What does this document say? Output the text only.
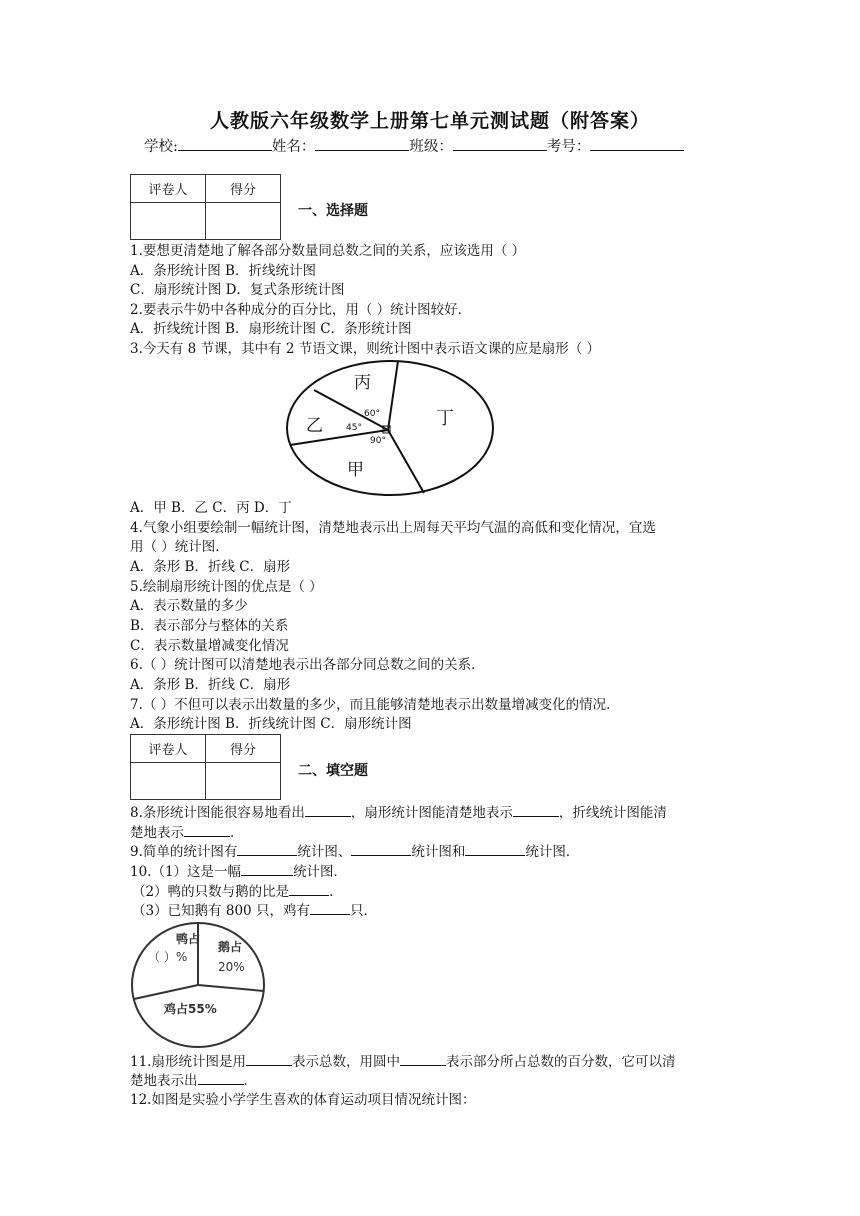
人教版六年级数学上册第七单元测试题（附答案）
学校:	姓名：	班级：	考号：
评卷人	得分

一、选择题
1.要想更清楚地了解各部分数量同总数之间的关系，应该选用（ ）
A．条形统计图 B．折线统计图
C．扇形统计图 D．复式条形统计图
2.要表示牛奶中各种成分的百分比，用（ ）统计图较好．
A．折线统计图 B．扇形统计图 C．条形统计图
3.今天有 8 节课，其中有 2 节语文课，则统计图中表示语文课的应是扇形（ ）
丙
乙	丁
甲
60°
45°
90°
A．甲 B．乙 C．丙 D．丁
4.气象小组要绘制一幅统计图，清楚地表示出上周每天平均气温的高低和变化情况，宜选
用（ ）统计图．
A．条形 B．折线 C．扇形
5.绘制扇形统计图的优点是（ ）
A．表示数量的多少
B．表示部分与整体的关系
C．表示数量增减变化情况
6.（ ）统计图可以清楚地表示出各部分同总数之间的关系．
A．条形 B．折线 C．扇形
7.（ ）不但可以表示出数量的多少，而且能够清楚地表示出数量增减变化的情况．
A．条形统计图 B．折线统计图 C．扇形统计图
评卷人	得分

二、填空题
8.条形统计图能很容易地看出	，扇形统计图能清楚地表示	，折线统计图能清
楚地表示	．
9.简单的统计图有	统计图、	统计图和	统计图．
10.（1）这是一幅	统计图．
（2）鸭的只数与鹅的比是	．
（3）已知鹅有 800 只，鸡有	只．
鸭占
（ ）%
鹅占
20%
鸡占55%
11.扇形统计图是用	表示总数，用圆中	表示部分所占总数的百分数，它可以清
楚地表示出	．
12.如图是实验小学学生喜欢的体育运动项目情况统计图：
